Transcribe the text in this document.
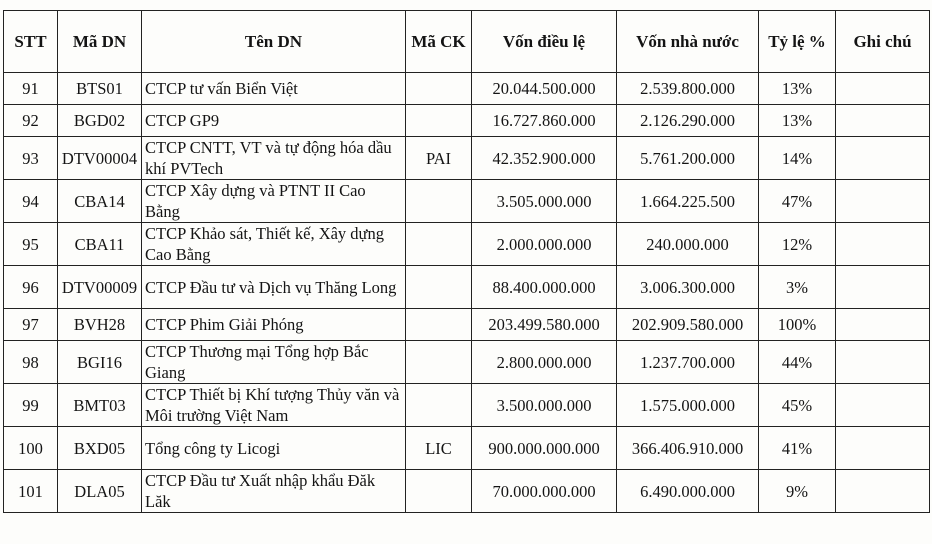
STT	Mã DN	Tên DN	Mã CK	Vốn điều lệ	Vốn nhà nước	Tỷ lệ %	Ghi chú
91	BTS01	CTCP tư vấn Biển Việt		20.044.500.000	2.539.800.000	13%	
92	BGD02	CTCP GP9		16.727.860.000	2.126.290.000	13%	
93	DTV00004	CTCP CNTT, VT và tự động hóa dầu khí PVTech	PAI	42.352.900.000	5.761.200.000	14%	
94	CBA14	CTCP Xây dựng và PTNT II Cao Bằng		3.505.000.000	1.664.225.500	47%	
95	CBA11	CTCP Khảo sát, Thiết kế, Xây dựng Cao Bằng		2.000.000.000	240.000.000	12%	
96	DTV00009	CTCP Đầu tư và Dịch vụ Thăng Long		88.400.000.000	3.006.300.000	3%	
97	BVH28	CTCP Phim Giải Phóng		203.499.580.000	202.909.580.000	100%	
98	BGI16	CTCP Thương mại Tổng hợp Bắc Giang		2.800.000.000	1.237.700.000	44%	
99	BMT03	CTCP Thiết bị Khí tượng Thủy văn và Môi trường Việt Nam		3.500.000.000	1.575.000.000	45%	
100	BXD05	Tổng công ty Licogi	LIC	900.000.000.000	366.406.910.000	41%	
101	DLA05	CTCP Đầu tư Xuất nhập khẩu Đăk Lăk		70.000.000.000	6.490.000.000	9%	
